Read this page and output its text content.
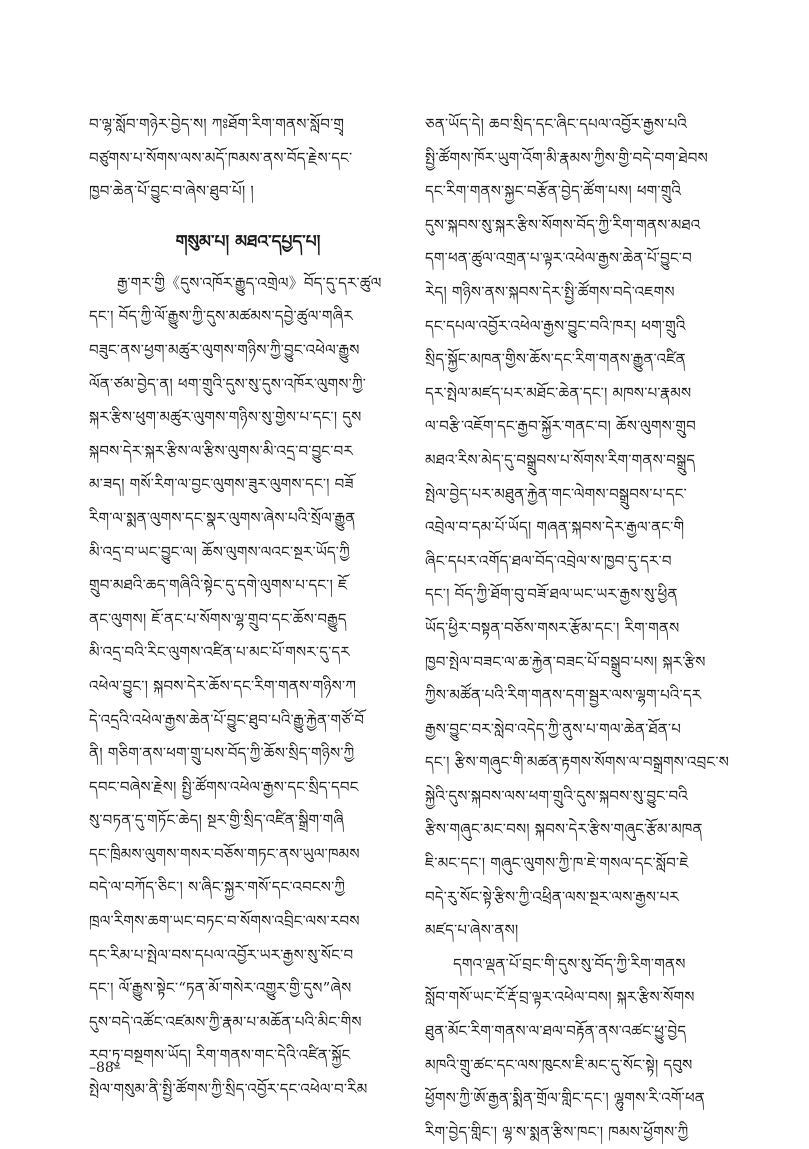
བ་ལྷ་སློབ་གཉེར་བྱེད་ས། ཀཿཐོག་རིག་གནས་སློབ་གྲྭ
བཙུགས་པ་སོགས་ལས་མདོ་ཁམས་ནས་བོད་རྗེས་དང་
ཁྱབ་ཆེན་པོ་བྱུང་བ་ཞེས་ཐུབ་པོ། །
གསུམ་པ། མཐའ་དཔྱད་པ།
རྒྱ་གར་གྱི《དུས་འཁོར་རྒྱུད་འགྲེལ》བོད་དུ་དར་ཚུལ
དང་། བོད་ཀྱི་ལོ་རྒྱུས་ཀྱི་དུས་མཚམས་དབྱེ་ཚུལ་གཞིར
བཟུང་ནས་ཕྱག་མཚུར་ལུགས་གཉིས་ཀྱི་བྱུང་འཕེལ་རྒྱུས
ལོན་ཙམ་བྱེད་ན། ཕག་གྲུའི་དུས་སུ་དུས་འཁོར་ལུགས་ཀྱི་
སྐར་རྩིས་ཕུག་མཚུར་ལུགས་གཉིས་སུ་གྱེས་པ་དང་། དུས
སྐབས་དེར་སྐར་རྩིས་ལ་རྩིས་ལུགས་མི་འདྲ་བ་བྱུང་བར
མ་ཟད། གསོ་རིག་ལ་བྱང་ལུགས་ཟུར་ལུགས་དང་། བཟོ
རིག་ལ་སྨན་ལུགས་དང་སྣར་ལུགས་ཞེས་པའི་སྲོལ་རྒྱུན
མི་འདྲ་བ་ཡང་བྱུང་ལ། ཆོས་ལུགས་ལའང་སྔར་ཡོད་ཀྱི
གྲུབ་མཐའི་ཆད་གཞིའི་སྟེང་དུ་དགེ་ལུགས་པ་དང་། ཇོ
ནང་ལུགས། ཇོ་ནང་པ་སོགས་ལྷ་གྲུབ་དང་ཆོས་བརྒྱུད
མི་འདྲ་བའི་རིང་ལུགས་འཛིན་པ་མང་པོ་གསར་དུ་དར
འཕེལ་བྱུང་། སྐབས་དེར་ཆོས་དང་རིག་གནས་གཉིས་ཀ
དེ་འདྲའི་འཕེལ་རྒྱས་ཆེན་པོ་བྱུང་ཐུབ་པའི་རྒྱུ་རྐྱེན་གཙོ་བོ
ནི། གཅིག་ནས་ཕག་གྲུ་པས་བོད་ཀྱི་ཆོས་སྲིད་གཉིས་ཀྱི
དབང་བཞེས་རྗེས། སྤྱི་ཚོགས་འཕེལ་རྒྱས་དང་སྲིད་དབང
སུ་བཏན་དུ་གཏོང་ཆེད། སྔར་གྱི་སྲིད་འཛིན་སྒྲིག་གཞི
དང་ཁྲིམས་ལུགས་གསར་བཅོས་གཏང་ནས་ཡུལ་ཁམས
བདེ་ལ་བཀོད་ཅིང་། ས་ཞིང་སྐྱར་གསོ་དང་འབངས་ཀྱི
ཁྲལ་རིགས་ཆག་ཡང་བཏང་བ་སོགས་འབྲིང་ལས་རབས
དང་རིམ་པ་སྤེལ་བས་དཔལ་འབྱོར་ཡར་རྒྱས་སུ་སོང་བ
དང་། ལོ་རྒྱུས་སྟེང་“ཏན་མོ་གསེར་འགྱུར་གྱི་དུས”ཞེས
དུས་བདེ་འཚོང་འཛམས་ཀྱི་རྣམ་པ་མཆོན་པའི་མིང་གིས
རབ་ཏུ་བསྔགས་ཡོད། རིག་གནས་གང་དེའི་འཛིན་སྐྱོང
སྤེལ་གསུམ་ནི་སྤྱི་ཚོགས་ཀྱི་སྲིད་འབྱོར་དང་འཕེལ་བ་རིམ
ཅན་ཡོད་དེ། ཆབ་སྲིད་དང་ཞིང་དཔལ་འབྱོར་རྒྱས་པའི
སྤྱི་ཚོགས་ཁོར་ཡུག་འོག་མི་རྣམས་ཀྱིས་གྱི་བདེ་བག་ཐེབས
དང་རིག་གནས་སྐྱང་བརྩོན་བྱེད་ཚོག་པས། ཕག་གྲུའི
དུས་སྐབས་སུ་སྐར་རྩིས་སོགས་བོད་ཀྱི་རིག་གནས་མཐའ
དག་ཕན་ཚུལ་འགྲན་པ་ལྟར་འཕེལ་རྒྱས་ཆེན་པོ་བྱུང་བ
རེད། གཉིས་ནས་སྐབས་དེར་སྤྱི་ཚོགས་བདེ་འཇགས
དང་དཔལ་འབྱོར་འཕེལ་རྒྱས་བྱུང་བའི་ཁར། ཕག་གྲུའི
སྲིད་སྐྱོང་མཁན་གྱིས་ཆོས་དང་རིག་གནས་རྒྱུན་འཛིན
དར་སྤེལ་མཛད་པར་མཐོང་ཆེན་དང་། མཁས་པ་རྣམས
ལ་བརྩི་འཇོག་དང་རྒྱབ་སྐྱོར་གནང་བ། ཆོས་ལུགས་གྲུབ
མཐའ་རིས་མེད་དུ་བསྒྲུབས་པ་སོགས་རིག་གནས་བསྒྲུད
སྤེལ་བྱེད་པར་མཐུན་རྐྱེན་གང་ལེགས་བསྒྲུབས་པ་དང་
འབྲེལ་བ་དམ་པོ་ཡོད། གཞན་སྐབས་དེར་རྒྱལ་ནང་གི
ཞིང་དཔར་འགོད་ཐལ་བོད་འབྲེལ་ས་ཁྱབ་དུ་དར་བ
དང་། བོད་ཀྱི་ཐོག་བུ་བཟོ་ཐལ་ཡང་ཡར་རྒྱས་སུ་ཕྱིན
ཡོད་ཕྱིར་བསྟན་བཅོས་གསར་རྩོམ་དང་། རིག་གནས
ཁྱབ་སྤེལ་བཟང་ལ་ཆ་རྐྱེན་བཟང་པོ་བསྒྲུབ་པས། སྐར་རྩིས
ཀྱིས་མཚོན་པའི་རིག་གནས་དག་སྦྱར་ལས་ལྷག་པའི་དར
རྒྱས་བྱུང་བར་སླེབ་འདེད་ཀྱི་ནུས་པ་གལ་ཆེན་ཐོན་པ
དང་། རྩིས་གཞུང་གི་མཚན་རྟགས་སོགས་ལ་བསྒྲགས་འབྲང་ས
སྐྱེའི་དུས་སྐབས་ལས་ཕག་གྲུའི་དུས་སྐབས་སུ་བྱུང་བའི
རྩིས་གཞུང་མང་བས། སྐབས་དེར་རྩིས་གཞུང་རྩོམ་མཁན
ཇི་མང་དང་། གཞུང་ལུགས་ཀྱི་ཁ་ཇེ་གསལ་དང་སློབ་ཇེ
བདེ་རུ་སོང་སྟེ་རྩིས་ཀྱི་འཕྲིན་ལས་སྔར་ལས་རྒྱས་པར
མཛད་པ་ཞེས་ནས།
དགའ་ལྡན་པོ་བྲང་གི་དུས་སུ་བོད་ཀྱི་རིག་གནས
སློབ་གསོ་ཡང་ངོ་རྡོ་བྲ་ལྟར་འཕེལ་བས། སྐར་རྩིས་སོགས
ཐུན་མོང་རིག་གནས་ལ་ཐལ་བརྟོན་ནས་འཚང་ཕྱུ་བྱེད
མཁའི་གྲུ་ཚང་དང་ལས་ཁུངས་ཇི་མང་དུ་སོང་སྟེ། དབུས
ཕྱོགས་ཀྱི་ཨོ་རྒྱན་སྨིན་གྲོལ་གླིང་དང་། ལྷུགས་རི་འགོ་ཕན
རིག་བྱེད་གླིང་། ལྷ་ས་སྨན་རྩིས་ཁང་། ཁམས་ཕྱོགས་ཀྱི
–88–
